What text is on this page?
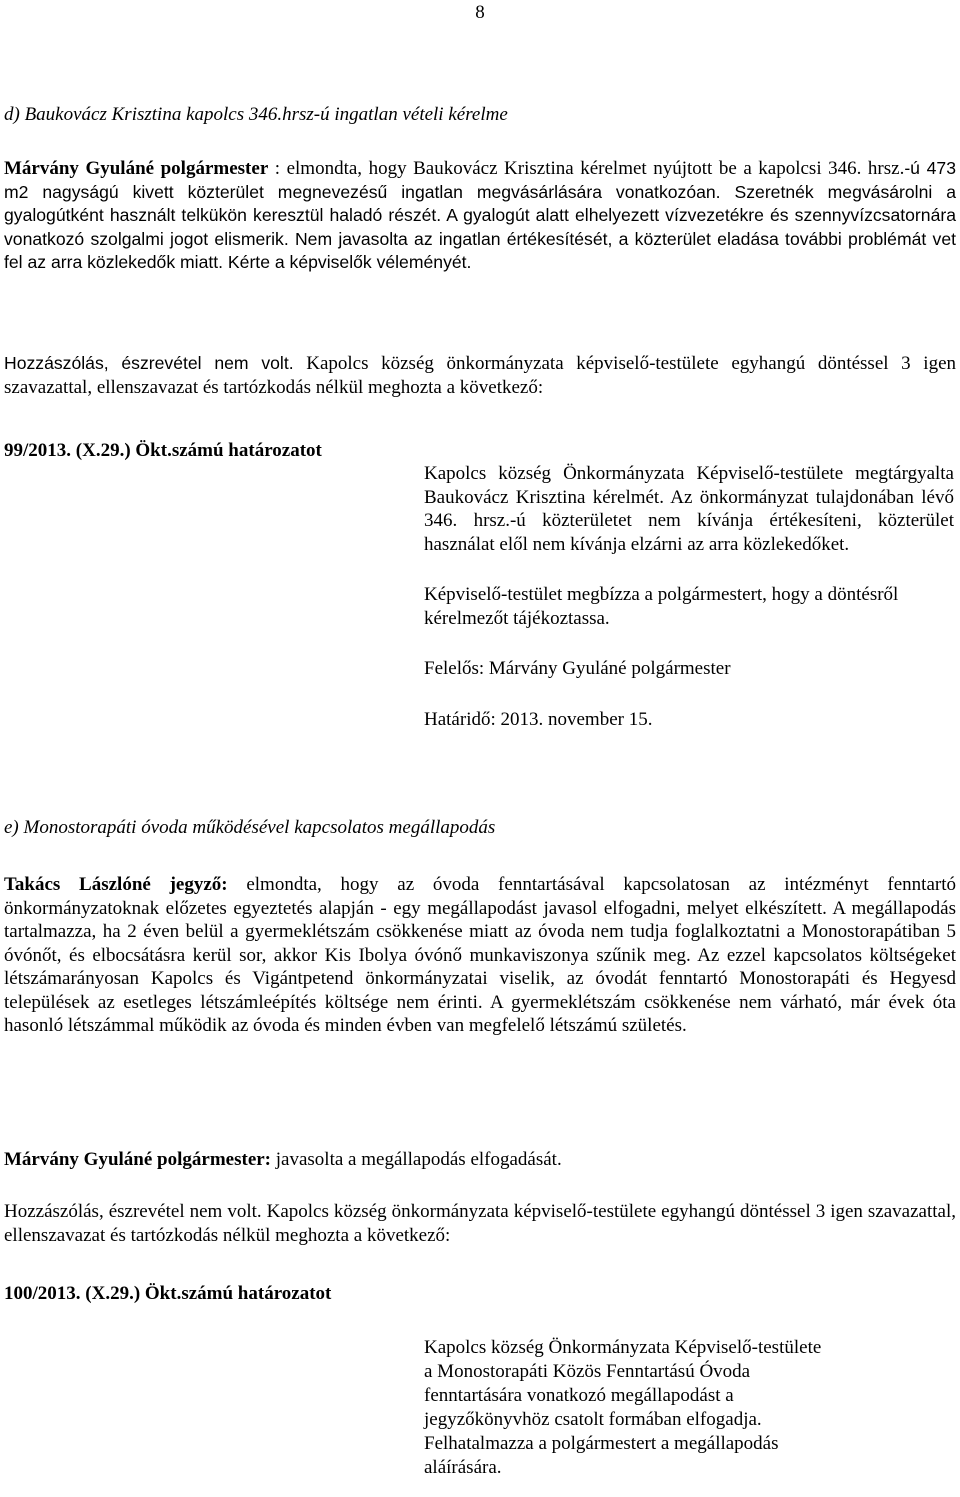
8
d) Baukovácz Krisztina kapolcs 346.hrsz-ú ingatlan vételi kérelme
Márvány Gyuláné polgármester : elmondta, hogy Baukovácz Krisztina kérelmet nyújtott be a kapolcsi 346. hrsz.-ú 473 m2 nagyságú kivett közterület megnevezésű ingatlan megvásárlására vonatkozóan. Szeretnék megvásárolni a gyalogútként használt telkükön keresztül haladó részét. A gyalogút alatt elhelyezett vízvezetékre és szennyvízcsatornára vonatkozó szolgalmi jogot elismerik. Nem javasolta az ingatlan értékesítését, a közterület eladása további problémát vet fel az arra közlekedők miatt. Kérte a képviselők véleményét.
Hozzászólás, észrevétel nem volt. Kapolcs község önkormányzata képviselő-testülete egyhangú döntéssel 3 igen szavazattal, ellenszavazat és tartózkodás nélkül meghozta a következő:
99/2013. (X.29.) Ökt.számú határozatot

Kapolcs község Önkormányzata Képviselő-testülete megtárgyalta Baukovácz Krisztina kérelmét. Az önkormányzat tulajdonában lévő 346. hrsz.-ú közterületet nem kívánja értékesíteni, közterület használat elől nem kívánja elzárni az arra közlekedőket.

Képviselő-testület megbízza a polgármestert, hogy a döntésről kérelmezőt tájékoztassa.

Felelős: Márvány Gyuláné polgármester

Határidő: 2013. november 15.

e) Monostorapáti óvoda működésével kapcsolatos megállapodás
Takács Lászlóné jegyző: elmondta, hogy az óvoda fenntartásával kapcsolatosan az intézményt fenntartó önkormányzatoknak előzetes egyeztetés alapján - egy megállapodást javasol elfogadni, melyet elkészített. A megállapodás tartalmazza, ha 2 éven belül a gyermeklétszám csökkenése miatt az óvoda nem tudja foglalkoztatni a Monostorapátiban 5 óvónőt, és elbocsátásra kerül sor, akkor Kis Ibolya óvónő munkaviszonya szűnik meg. Az ezzel kapcsolatos költségeket létszámarányosan Kapolcs és Vigántpetend önkormányzatai viselik, az óvodát fenntartó Monostorapáti és Hegyesd települések az esetleges létszámleépítés költsége nem érinti. A gyermeklétszám csökkenése nem várható, már évek óta hasonló létszámmal működik az óvoda és minden évben van megfelelő létszámú születés.
Márvány Gyuláné polgármester: javasolta a megállapodás elfogadását.
Hozzászólás, észrevétel nem volt. Kapolcs község önkormányzata képviselő-testülete egyhangú döntéssel 3 igen szavazattal, ellenszavazat és tartózkodás nélkül meghozta a következő:
100/2013. (X.29.) Ökt.számú határozatot

Kapolcs község Önkormányzata Képviselő-testülete

a Monostorapáti Közös Fenntartású Óvoda

fenntartására vonatkozó megállapodást a

jegyzőkönyvhöz csatolt formában elfogadja.

Felhatalmazza a polgármestert a megállapodás

aláírására.
